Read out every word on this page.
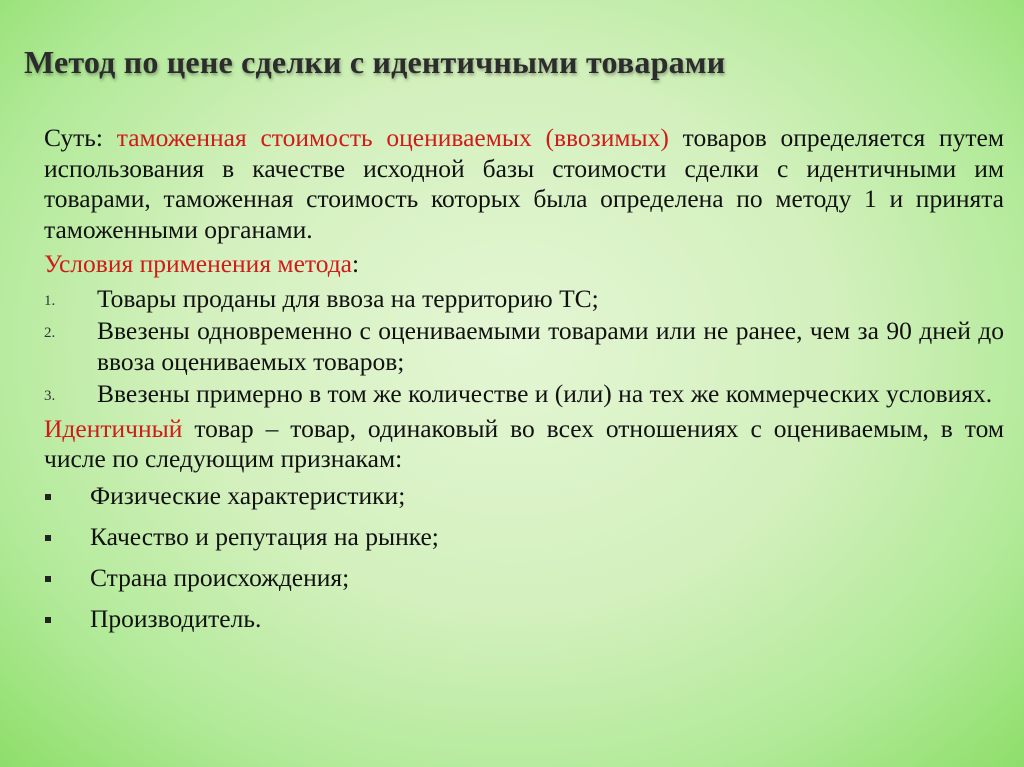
Метод по цене сделки с идентичными товарами

Суть: таможенная стоимость оцениваемых (ввозимых) товаров определяется путем использования в качестве исходной базы стоимости сделки с идентичными им товарами, таможенная стоимость которых была определена по методу 1 и принята таможенными органами.

Условия применения метода:

1. Товары проданы для ввоза на территорию ТС;
2. Ввезены одновременно с оцениваемыми товарами или не ранее, чем за 90 дней до ввоза оцениваемых товаров;
3. Ввезены примерно в том же количестве и (или) на тех же коммерческих условиях.

Идентичный товар – товар, одинаковый во всех отношениях с оцениваемым, в том числе по следующим признакам:

Физические характеристики;
Качество и репутация на рынке;
Страна происхождения;
Производитель.
